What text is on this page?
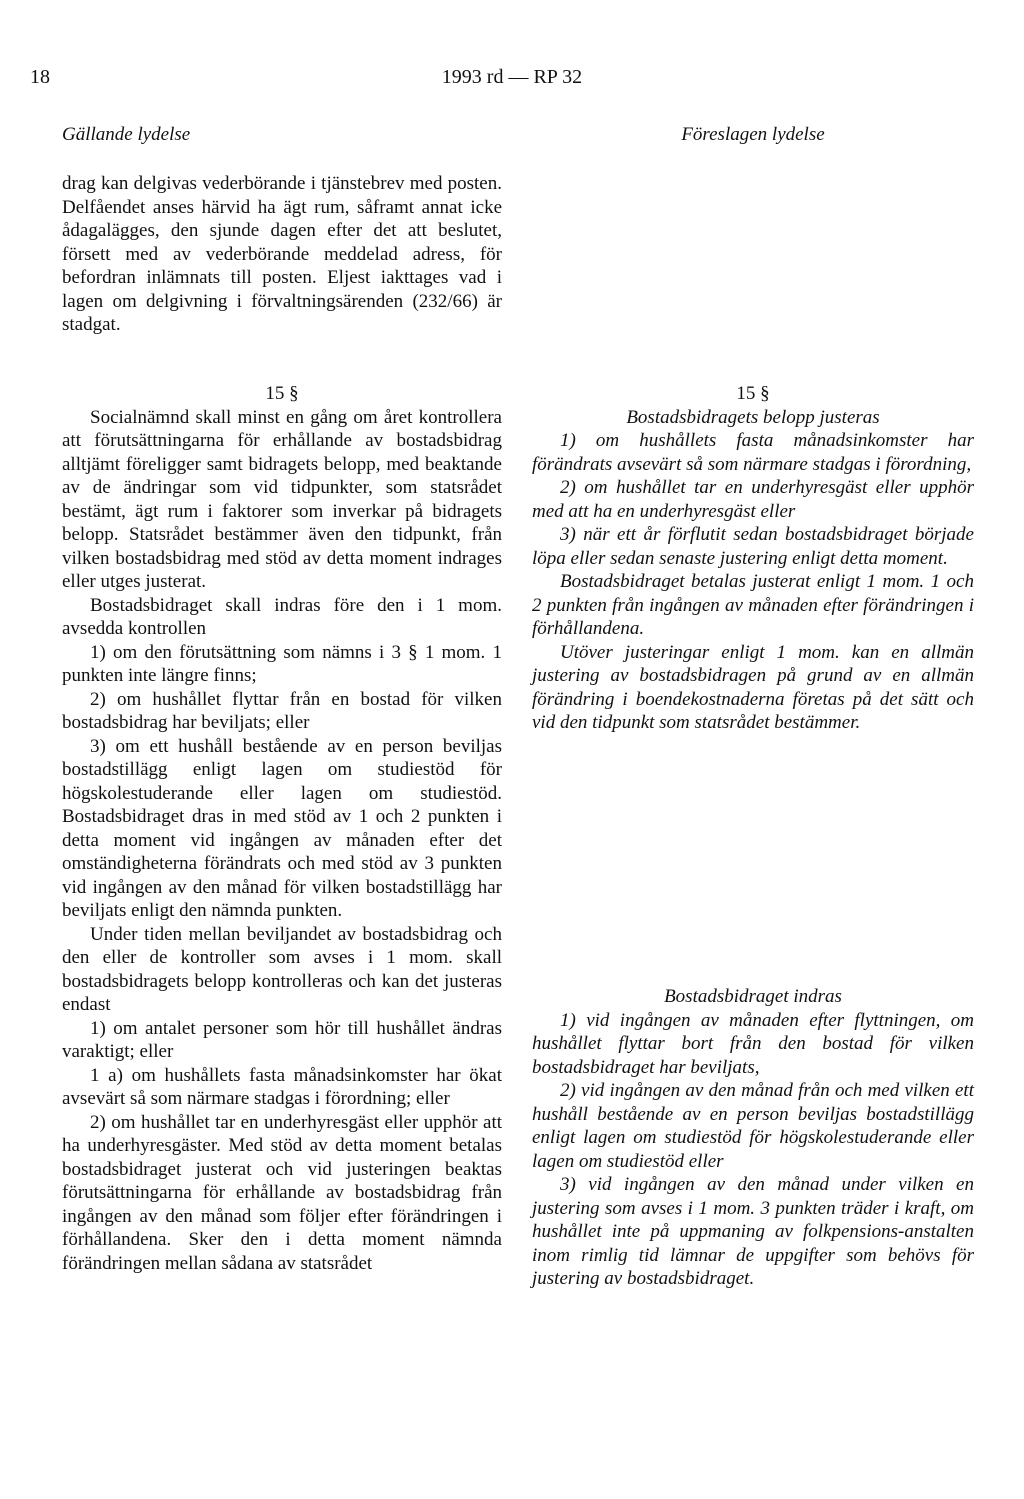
18	1993 rd — RP 32
Gällande lydelse	Föreslagen lydelse

drag kan delgivas vederbörande i tjänstebrev med posten. Delfåendet anses härvid ha ägt rum, såframt annat icke ådagalägges, den sjunde dagen efter det att beslutet, försett med av vederbörande meddelad adress, för befordran inlämnats till posten. Eljest iakttages vad i lagen om delgivning i förvaltningsärenden (232/66) är stadgat.

15 §

Socialnämnd skall minst en gång om året kontrollera att förutsättningarna för erhållande av bostadsbidrag alltjämt föreligger samt bidragets belopp, med beaktande av de ändringar som vid tidpunkter, som statsrådet bestämt, ägt rum i faktorer som inverkar på bidragets belopp. Statsrådet bestämmer även den tidpunkt, från vilken bostadsbidrag med stöd av detta moment indrages eller utges justerat.

Bostadsbidraget skall indras före den i 1 mom. avsedda kontrollen

1) om den förutsättning som nämns i 3 § 1 mom. 1 punkten inte längre finns;

2) om hushållet flyttar från en bostad för vilken bostadsbidrag har beviljats; eller

3) om ett hushåll bestående av en person beviljas bostadstillägg enligt lagen om studiestöd för högskolestuderande eller lagen om studiestöd. Bostadsbidraget dras in med stöd av 1 och 2 punkten i detta moment vid ingången av månaden efter det omständigheterna förändrats och med stöd av 3 punkten vid ingången av den månad för vilken bostadstillägg har beviljats enligt den nämnda punkten.

Under tiden mellan beviljandet av bostadsbidrag och den eller de kontroller som avses i 1 mom. skall bostadsbidragets belopp kontrolleras och kan det justeras endast

1) om antalet personer som hör till hushållet ändras varaktigt; eller

1 a) om hushållets fasta månadsinkomster har ökat avsevärt så som närmare stadgas i förordning; eller

2) om hushållet tar en underhyresgäst eller upphör att ha underhyresgäster. Med stöd av detta moment betalas bostadsbidraget justerat och vid justeringen beaktas förutsättningarna för erhållande av bostadsbidrag från ingången av den månad som följer efter förändringen i förhållandena. Sker den i detta moment nämnda förändringen mellan sådana av statsrådet

15 §

Bostadsbidragets belopp justeras

1) om hushållets fasta månadsinkomster har förändrats avsevärt så som närmare stadgas i förordning,

2) om hushållet tar en underhyresgäst eller upphör med att ha en underhyresgäst eller

3) när ett år förflutit sedan bostadsbidraget började löpa eller sedan senaste justering enligt detta moment.

Bostadsbidraget betalas justerat enligt 1 mom. 1 och 2 punkten från ingången av månaden efter förändringen i förhållandena.

Utöver justeringar enligt 1 mom. kan en allmän justering av bostadsbidragen på grund av en allmän förändring i boendekostnaderna företas på det sätt och vid den tidpunkt som statsrådet bestämmer.

Bostadsbidraget indras

1) vid ingången av månaden efter flyttningen, om hushållet flyttar bort från den bostad för vilken bostadsbidraget har beviljats,

2) vid ingången av den månad från och med vilken ett hushåll bestående av en person beviljas bostadstillägg enligt lagen om studiestöd för högskolestuderande eller lagen om studiestöd eller

3) vid ingången av den månad under vilken en justering som avses i 1 mom. 3 punkten träder i kraft, om hushållet inte på uppmaning av folkpensions-anstalten inom rimlig tid lämnar de uppgifter som behövs för justering av bostadsbidraget.
